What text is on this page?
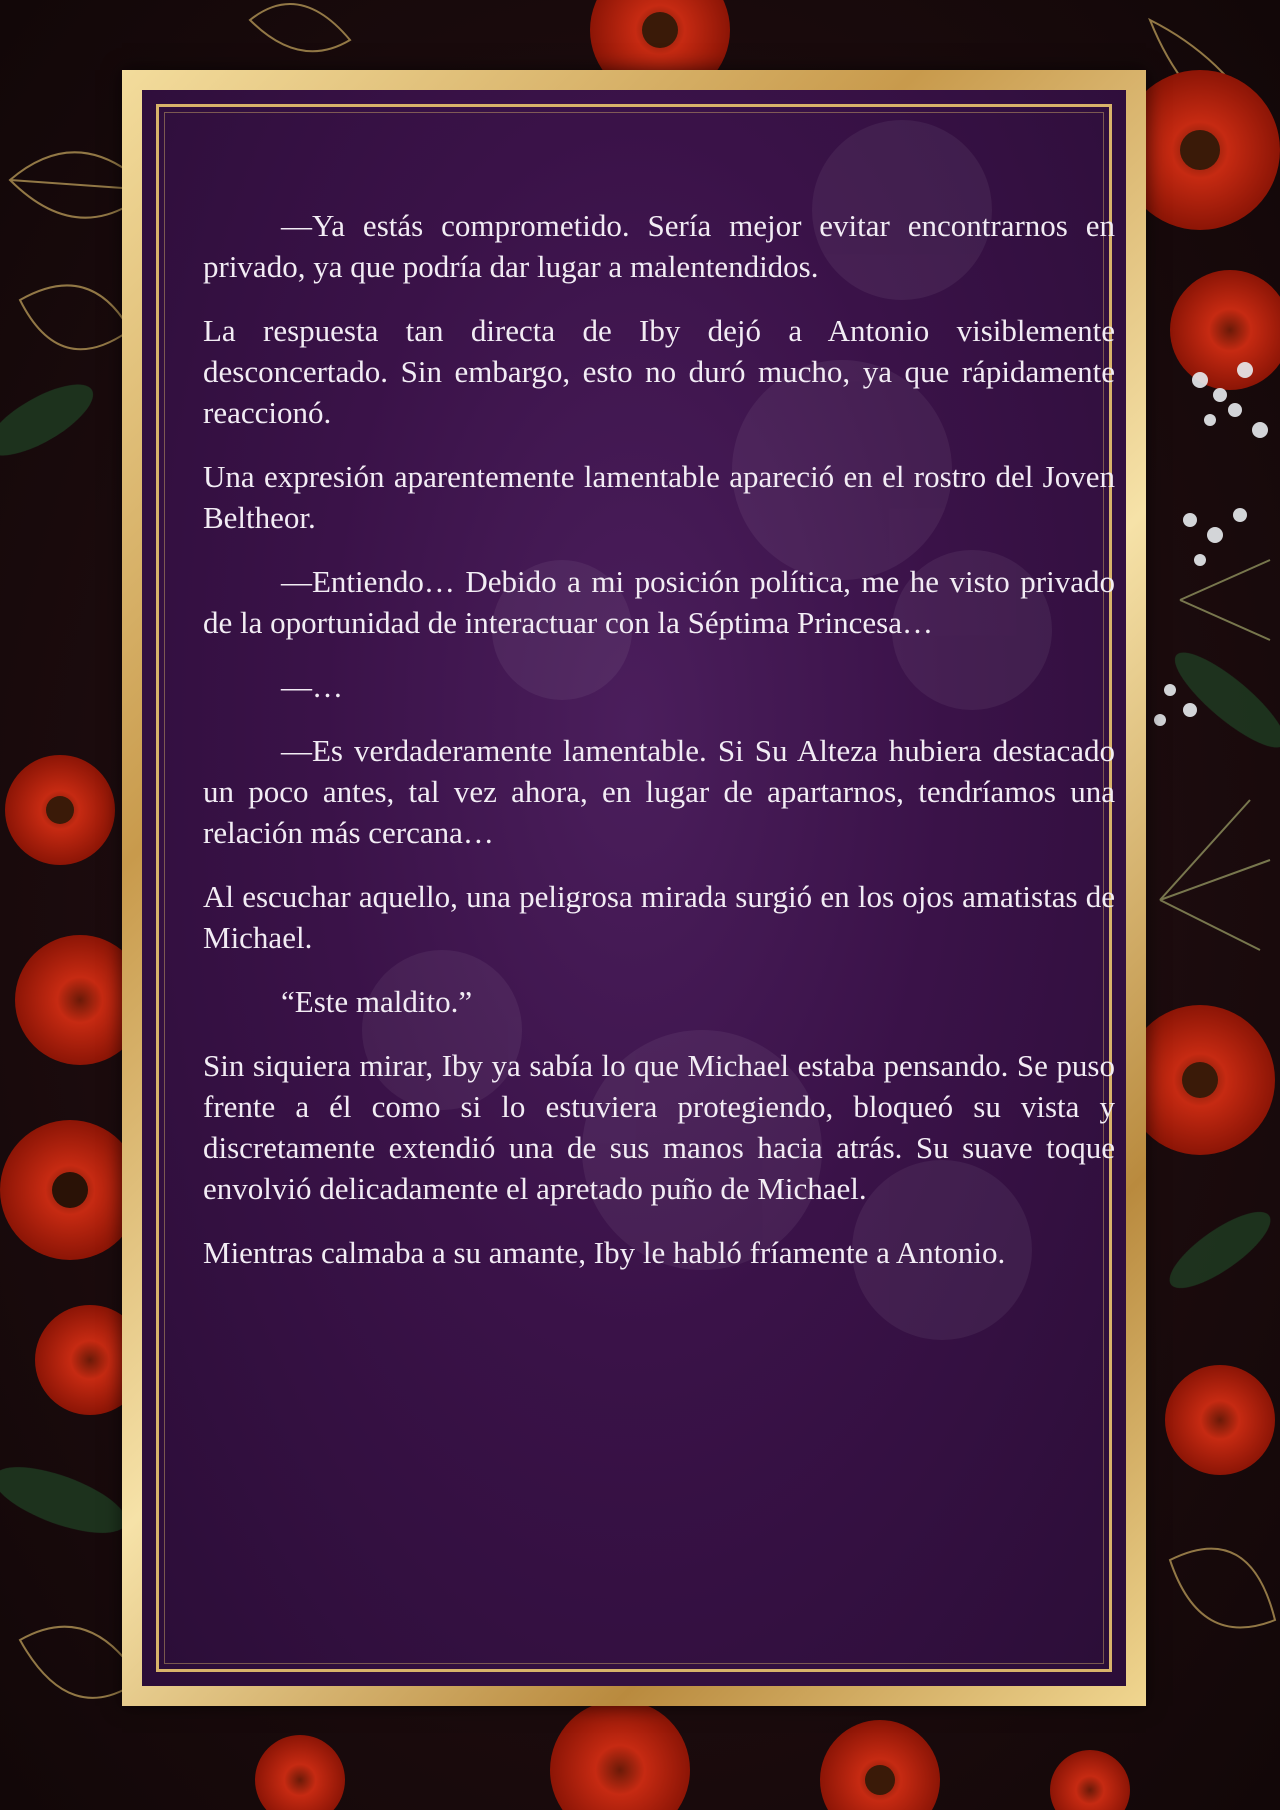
—Ya estás comprometido. Sería mejor evitar encontrarnos en privado, ya que podría dar lugar a malentendidos.

La respuesta tan directa de Iby dejó a Antonio visiblemente desconcertado. Sin embargo, esto no duró mucho, ya que rápidamente reaccionó.

Una expresión aparentemente lamentable apareció en el rostro del Joven Beltheor.

—Entiendo… Debido a mi posición política, me he visto privado de la oportunidad de interactuar con la Séptima Princesa…

—…

—Es verdaderamente lamentable. Si Su Alteza hubiera destacado un poco antes, tal vez ahora, en lugar de apartarnos, tendríamos una relación más cercana…

Al escuchar aquello, una peligrosa mirada surgió en los ojos amatistas de Michael.

“Este maldito.”

Sin siquiera mirar, Iby ya sabía lo que Michael estaba pensando. Se puso frente a él como si lo estuviera protegiendo, bloqueó su vista y discretamente extendió una de sus manos hacia atrás. Su suave toque envolvió delicadamente el apretado puño de Michael.

Mientras calmaba a su amante, Iby le habló fríamente a Antonio.
